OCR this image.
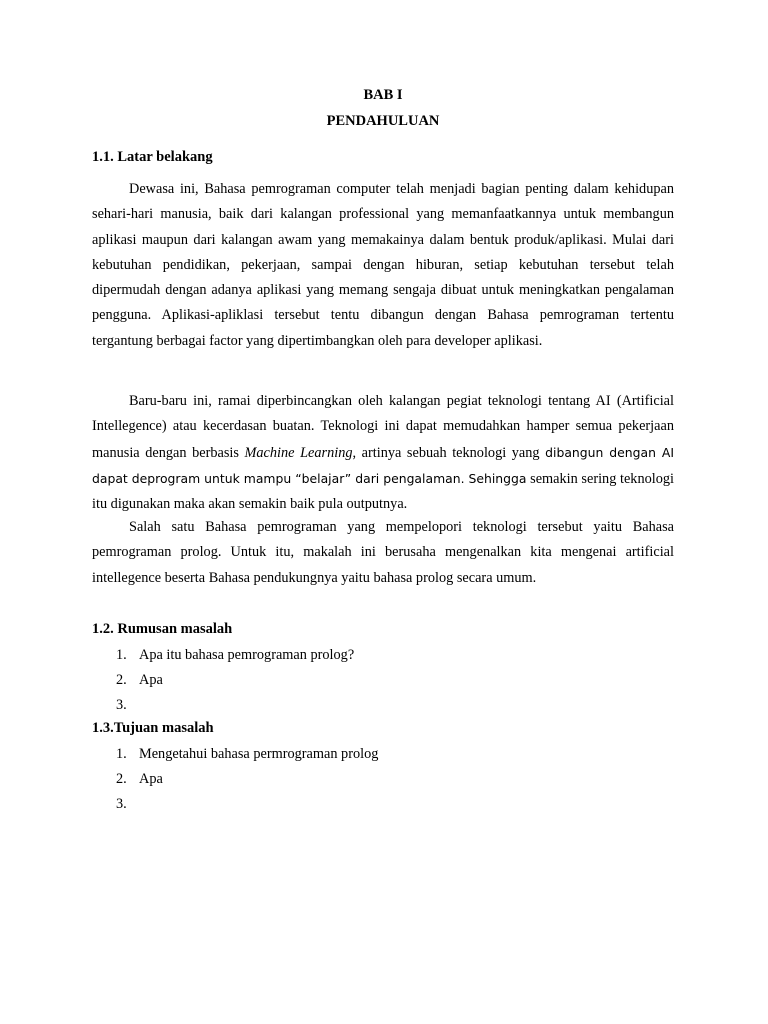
BAB I
PENDAHULUAN
1.1. Latar belakang
Dewasa ini, Bahasa pemrograman computer telah menjadi bagian penting dalam kehidupan sehari-hari manusia, baik dari kalangan professional yang memanfaatkannya untuk membangun aplikasi maupun dari kalangan awam yang memakainya dalam bentuk produk/aplikasi. Mulai dari kebutuhan pendidikan, pekerjaan, sampai dengan hiburan, setiap kebutuhan tersebut telah dipermudah dengan adanya aplikasi yang memang sengaja dibuat untuk meningkatkan pengalaman pengguna. Aplikasi-apliklasi tersebut tentu dibangun dengan Bahasa pemrograman tertentu tergantung berbagai factor yang dipertimbangkan oleh para developer aplikasi.
Baru-baru ini, ramai diperbincangkan oleh kalangan pegiat teknologi tentang AI (Artificial Intellegence) atau kecerdasan buatan. Teknologi ini dapat memudahkan hamper semua pekerjaan manusia dengan berbasis Machine Learning, artinya sebuah teknologi yang dibangun dengan AI dapat deprogram untuk mampu “belajar” dari pengalaman. Sehingga semakin sering teknologi itu digunakan maka akan semakin baik pula outputnya.
Salah satu Bahasa pemrograman yang mempelopori teknologi tersebut yaitu Bahasa pemrograman prolog. Untuk itu, makalah ini berusaha mengenalkan kita mengenai artificial intellegence beserta Bahasa pendukungnya yaitu bahasa prolog secara umum.
1.2. Rumusan masalah
1. Apa itu bahasa pemrograman prolog?
2. Apa
3.
1.3.Tujuan masalah
1. Mengetahui bahasa permrograman prolog
2. Apa
3.
